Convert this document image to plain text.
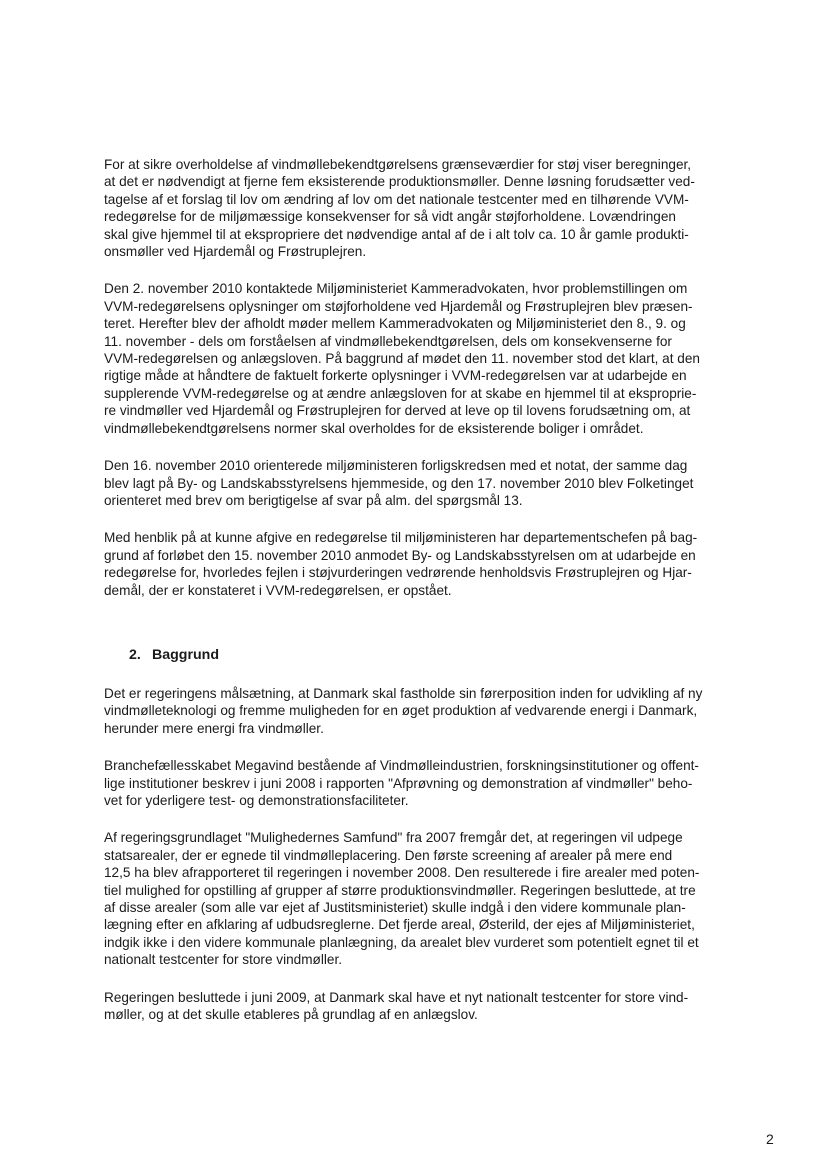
For at sikre overholdelse af vindmøllebekendtgørelsens grænseværdier for støj viser beregninger,
at det er nødvendigt at fjerne fem eksisterende produktionsmøller. Denne løsning forudsætter ved-
tagelse af et forslag til lov om ændring af lov om det nationale testcenter med en tilhørende VVM-
redegørelse for de miljømæssige konsekvenser for så vidt angår støjforholdene. Lovændringen
skal give hjemmel til at ekspropriere det nødvendige antal af de i alt tolv ca. 10 år gamle produkti-
onsmøller ved Hjardemål og Frøstruplejren.

Den 2. november 2010 kontaktede Miljøministeriet Kammeradvokaten, hvor problemstillingen om
VVM-redegørelsens oplysninger om støjforholdene ved Hjardemål og Frøstruplejren blev præsen-
teret. Herefter blev der afholdt møder mellem Kammeradvokaten og Miljøministeriet den 8., 9. og
11. november - dels om forståelsen af vindmøllebekendtgørelsen, dels om konsekvenserne for
VVM-redegørelsen og anlægsloven. På baggrund af mødet den 11. november stod det klart, at den
rigtige måde at håndtere de faktuelt forkerte oplysninger i VVM-redegørelsen var at udarbejde en
supplerende VVM-redegørelse og at ændre anlægsloven for at skabe en hjemmel til at eksproprie-
re vindmøller ved Hjardemål og Frøstruplejren for derved at leve op til lovens forudsætning om, at
vindmøllebekendtgørelsens normer skal overholdes for de eksisterende boliger i området.

Den 16. november 2010 orienterede miljøministeren forligskredsen med et notat, der samme dag
blev lagt på By- og Landskabsstyrelsens hjemmeside, og den 17. november 2010 blev Folketinget
orienteret med brev om berigtigelse af svar på alm. del spørgsmål 13.

Med henblik på at kunne afgive en redegørelse til miljøministeren har departementschefen på bag-
grund af forløbet den 15. november 2010 anmodet By- og Landskabsstyrelsen om at udarbejde en
redegørelse for, hvorledes fejlen i støjvurderingen vedrørende henholdsvis Frøstruplejren og Hjar-
demål, der er konstateret i VVM-redegørelsen, er opstået.

2. Baggrund

Det er regeringens målsætning, at Danmark skal fastholde sin førerposition inden for udvikling af ny
vindmølleteknologi og fremme muligheden for en øget produktion af vedvarende energi i Danmark,
herunder mere energi fra vindmøller.

Branchefællesskabet Megavind bestående af Vindmølleindustrien, forskningsinstitutioner og offent-
lige institutioner beskrev i juni 2008 i rapporten "Afprøvning og demonstration af vindmøller" beho-
vet for yderligere test- og demonstrationsfaciliteter.

Af regeringsgrundlaget "Mulighedernes Samfund" fra 2007 fremgår det, at regeringen vil udpege
statsarealer, der er egnede til vindmølleplacering. Den første screening af arealer på mere end
12,5 ha blev afrapporteret til regeringen i november 2008. Den resulterede i fire arealer med poten-
tiel mulighed for opstilling af grupper af større produktionsvindmøller. Regeringen besluttede, at tre
af disse arealer (som alle var ejet af Justitsministeriet) skulle indgå i den videre kommunale plan-
lægning efter en afklaring af udbudsreglerne. Det fjerde areal, Østerild, der ejes af Miljøministeriet,
indgik ikke i den videre kommunale planlægning, da arealet blev vurderet som potentielt egnet til et
nationalt testcenter for store vindmøller.

Regeringen besluttede i juni 2009, at Danmark skal have et nyt nationalt testcenter for store vind-
møller, og at det skulle etableres på grundlag af en anlægslov.

2
